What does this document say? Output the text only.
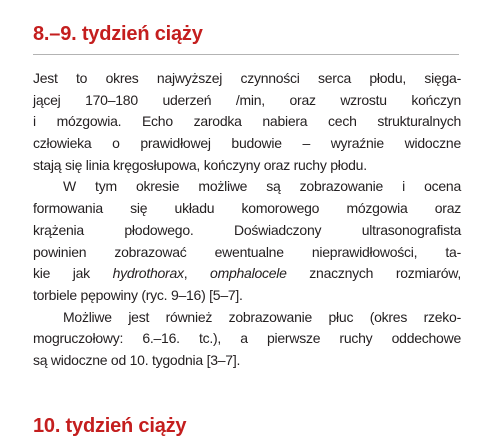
8.–9. tydzień ciąży
Jest to okres najwyższej czynności serca płodu, sięga-
jącej 170–180 uderzeń /min, oraz wzrostu kończyn
i mózgowia. Echo zarodka nabiera cech strukturalnych
człowieka o prawidłowej budowie – wyraźnie widoczne
stają się linia kręgosłupowa, kończyny oraz ruchy płodu.
W tym okresie możliwe są zobrazowanie i ocena
formowania się układu komorowego mózgowia oraz
krążenia płodowego. Doświadczony ultrasonografista
powinien zobrazować ewentualne nieprawidłowości, ta-
kie jak hydrothorax, omphalocele znacznych rozmiarów,
torbiele pępowiny (ryc. 9–16) [5–7].
Możliwe jest również zobrazowanie płuc (okres rzeko-
mogruczołowy: 6.–16. tc.), a pierwsze ruchy oddechowe
są widoczne od 10. tygodnia [3–7].
10. tydzień ciąży
